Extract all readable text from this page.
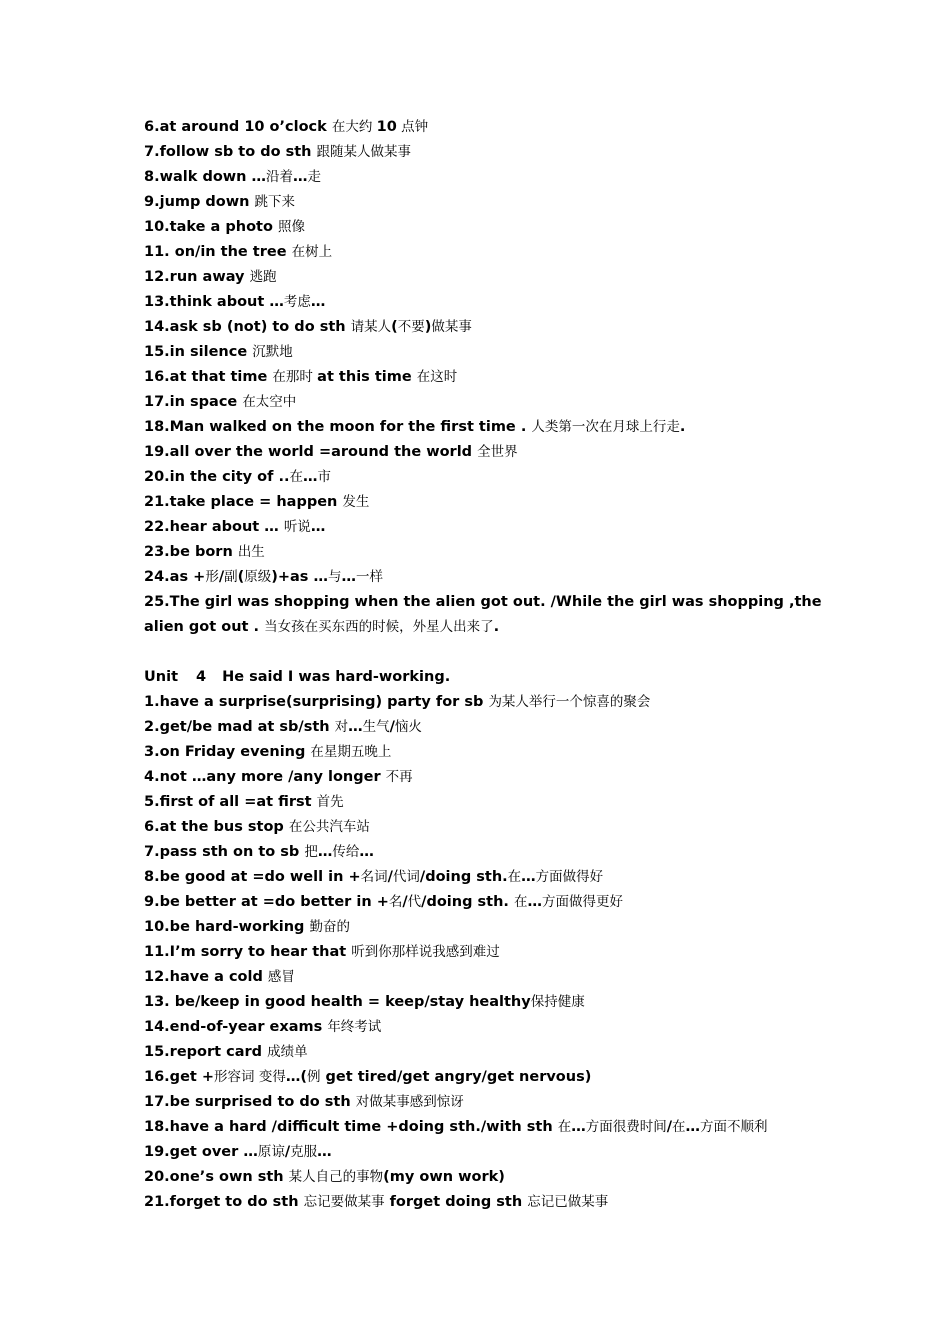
6.at around 10 o’clock 在大约 10 点钟
7.follow sb to do sth 跟随某人做某事
8.walk down …沿着…走
9.jump down 跳下来
10.take a photo 照像
11. on/in the tree 在树上
12.run away 逃跑
13.think about …考虑…
14.ask sb (not) to do sth 请某人(不要)做某事
15.in silence 沉默地
16.at that time 在那时 at this time 在这时
17.in space 在太空中
18.Man walked on the moon for the first time . 人类第一次在月球上行走.
19.all over the world =around the world 全世界
20.in the city of ..在…市
21.take place = happen 发生
22.hear about … 听说…
23.be born 出生
24.as +形/副(原级)+as …与…一样
25.The girl was shopping when the alien got out. /While the girl was shopping ,the alien got out . 当女孩在买东西的时候，外星人出来了.
Unit 4 He said I was hard-working.
1.have a surprise(surprising) party for sb 为某人举行一个惊喜的聚会
2.get/be mad at sb/sth 对…生气/恼火
3.on Friday evening 在星期五晚上
4.not …any more /any longer 不再
5.first of all =at first 首先
6.at the bus stop 在公共汽车站
7.pass sth on to sb 把…传给…
8.be good at =do well in +名词/代词/doing sth.在…方面做得好
9.be better at =do better in +名/代/doing sth. 在…方面做得更好
10.be hard-working 勤奋的
11.I’m sorry to hear that 听到你那样说我感到难过
12.have a cold 感冒
13. be/keep in good health = keep/stay healthy保持健康
14.end-of-year exams 年终考试
15.report card 成绩单
16.get +形容词 变得…(例 get tired/get angry/get nervous)
17.be surprised to do sth 对做某事感到惊讶
18.have a hard /difficult time +doing sth./with sth 在…方面很费时间/在…方面不顺利
19.get over …原谅/克服…
20.one’s own sth 某人自己的事物(my own work)
21.forget to do sth 忘记要做某事 forget doing sth 忘记已做某事
